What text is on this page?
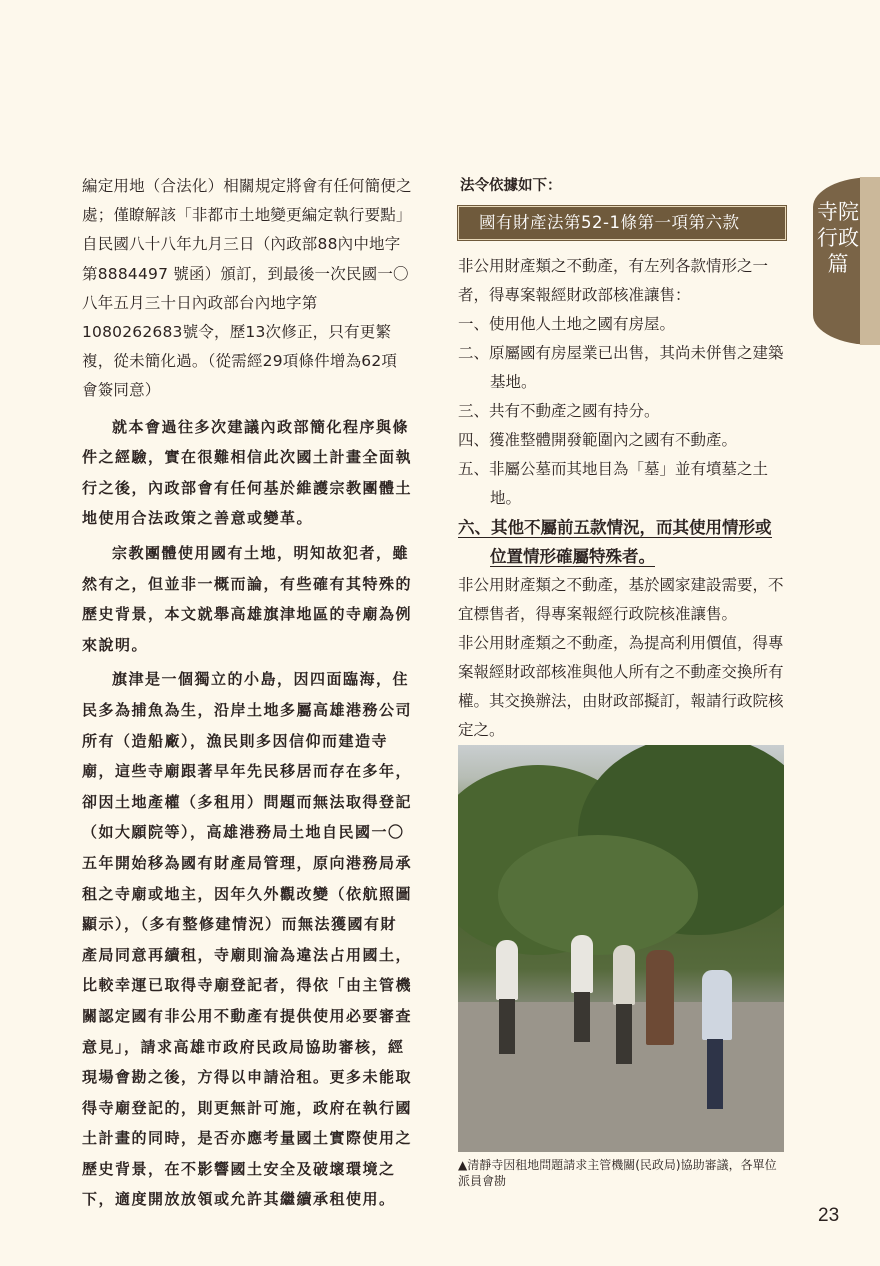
編定用地（合法化）相關規定將會有任何簡便之處；僅瞭解該「非都市土地變更編定執行要點」自民國八十八年九月三日（內政部88內中地字第8884497 號函）頒訂，到最後一次民國一〇八年五月三十日內政部台內地字第1080262683號令，歷13次修正，只有更繁複，從未簡化過。（從需經29項條件增為62項會簽同意）

就本會過往多次建議內政部簡化程序與條件之經驗，實在很難相信此次國土計畫全面執行之後，內政部會有任何基於維護宗教團體土地使用合法政策之善意或變革。

宗教團體使用國有土地，明知故犯者，雖然有之，但並非一概而論，有些確有其特殊的歷史背景，本文就舉高雄旗津地區的寺廟為例來說明。

旗津是一個獨立的小島，因四面臨海，住民多為捕魚為生，沿岸土地多屬高雄港務公司所有（造船廠），漁民則多因信仰而建造寺廟，這些寺廟跟著早年先民移居而存在多年，卻因土地產權（多租用）問題而無法取得登記（如大願院等），高雄港務局土地自民國一〇五年開始移為國有財產局管理，原向港務局承租之寺廟或地主，因年久外觀改變（依航照圖顯示），（多有整修建情況）而無法獲國有財產局同意再續租，寺廟則淪為違法占用國土，比較幸運已取得寺廟登記者，得依「由主管機關認定國有非公用不動產有提供使用必要審查意見」，請求高雄市政府民政局協助審核，經現場會勘之後，方得以申請洽租。更多未能取得寺廟登記的，則更無計可施，政府在執行國土計畫的同時，是否亦應考量國土實際使用之歷史背景，在不影響國土安全及破壞環境之下，適度開放放領或允許其繼續承租使用。

法令依據如下：

國有財產法第52-1條第一項第六款

非公用財產類之不動產，有左列各款情形之一者，得專案報經財政部核准讓售：

一、使用他人土地之國有房屋。
二、原屬國有房屋業已出售，其尚未併售之建築基地。
三、共有不動產之國有持分。
四、獲准整體開發範圍內之國有不動產。
五、非屬公墓而其地目為「墓」並有墳墓之土地。
六、其他不屬前五款情況，而其使用情形或位置情形確屬特殊者。

非公用財產類之不動產，基於國家建設需要，不宜標售者，得專案報經行政院核准讓售。

非公用財產類之不動產，為提高利用價值，得專案報經財政部核准與他人所有之不動產交換所有權。其交換辦法，由財政部擬訂，報請行政院核定之。

▲清靜寺因租地問題請求主管機關(民政局)協助審議，各單位派員會勘
寺院行政篇
23
